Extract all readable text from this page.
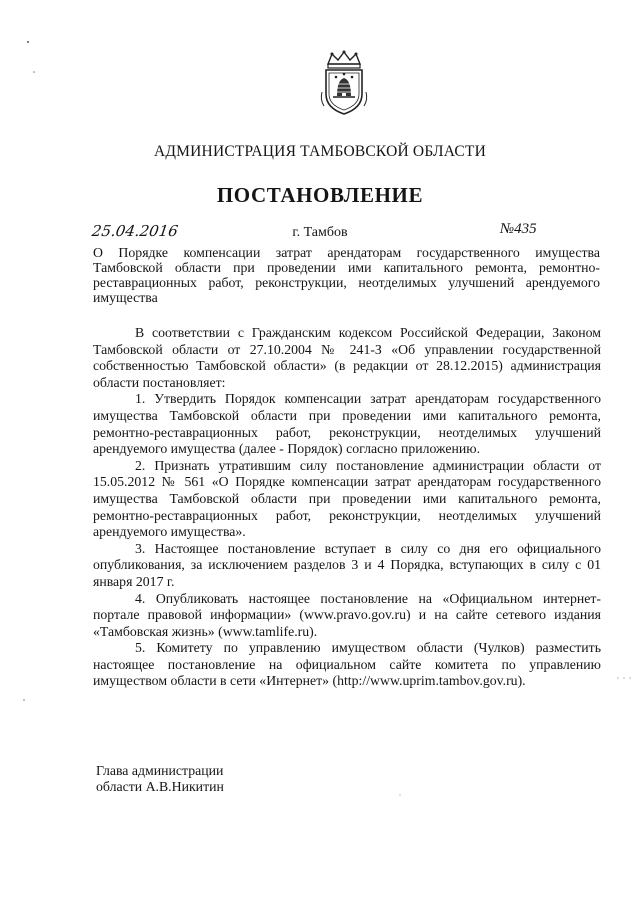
АДМИНИСТРАЦИЯ ТАМБОВСКОЙ ОБЛАСТИ
ПОСТАНОВЛЕНИЕ
25.04.2016	г. Тамбов	№435
О Порядке компенсации затрат арендаторам государственного имущества Тамбовской области при проведении ими капитального ремонта, ремонтно-реставрационных работ, реконструкции, неотделимых улучшений арендуемого имущества

В соответствии с Гражданским кодексом Российской Федерации, Законом Тамбовской области от 27.10.2004 № 241-З «Об управлении государственной собственностью Тамбовской области» (в редакции от 28.12.2015) администрация области постановляет:

1. Утвердить Порядок компенсации затрат арендаторам государственного имущества Тамбовской области при проведении ими капитального ремонта, ремонтно-реставрационных работ, реконструкции, неотделимых улучшений арендуемого имущества (далее - Порядок) согласно приложению.

2. Признать утратившим силу постановление администрации области от 15.05.2012 № 561 «О Порядке компенсации затрат арендаторам государственного имущества Тамбовской области при проведении ими капитального ремонта, ремонтно-реставрационных работ, реконструкции, неотделимых улучшений арендуемого имущества».

3. Настоящее постановление вступает в силу со дня его официального опубликования, за исключением разделов 3 и 4 Порядка, вступающих в силу с 01 января 2017 г.

4. Опубликовать настоящее постановление на «Официальном интернет-портале правовой информации» (www.pravo.gov.ru) и на сайте сетевого издания «Тамбовская жизнь» (www.tamlife.ru).

5. Комитету по управлению имуществом области (Чулков) разместить настоящее постановление на официальном сайте комитета по управлению имуществом области в сети «Интернет» (http://www.uprim.tambov.gov.ru).

Глава администрации
области А.В.Никитин
